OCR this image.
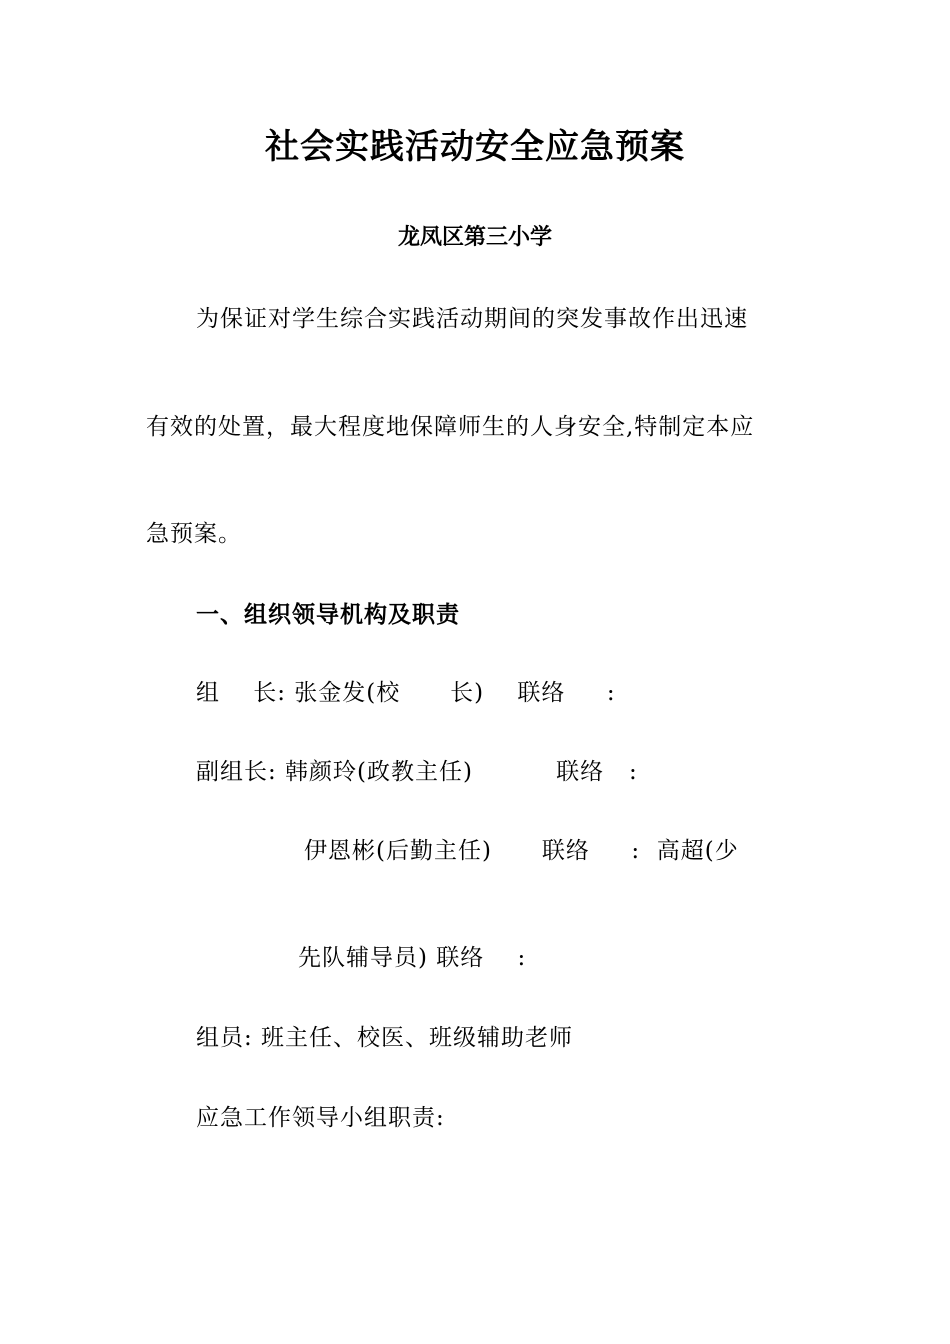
社会实践活动安全应急预案
龙凤区第三小学
为保证对学生综合实践活动期间的突发事故作出迅速
有效的处置，最大程度地保障师生的人身安全,特制定本应
急预案。
一、组织领导机构及职责
组    长: 张金发(校      长)    联络     :
副组长: 韩颜玲(政教主任)          联络   :
伊恩彬(后勤主任)      联络     :  高超(少
先队辅导员) 联络    :
组员: 班主任、校医、班级辅助老师
应急工作领导小组职责:
